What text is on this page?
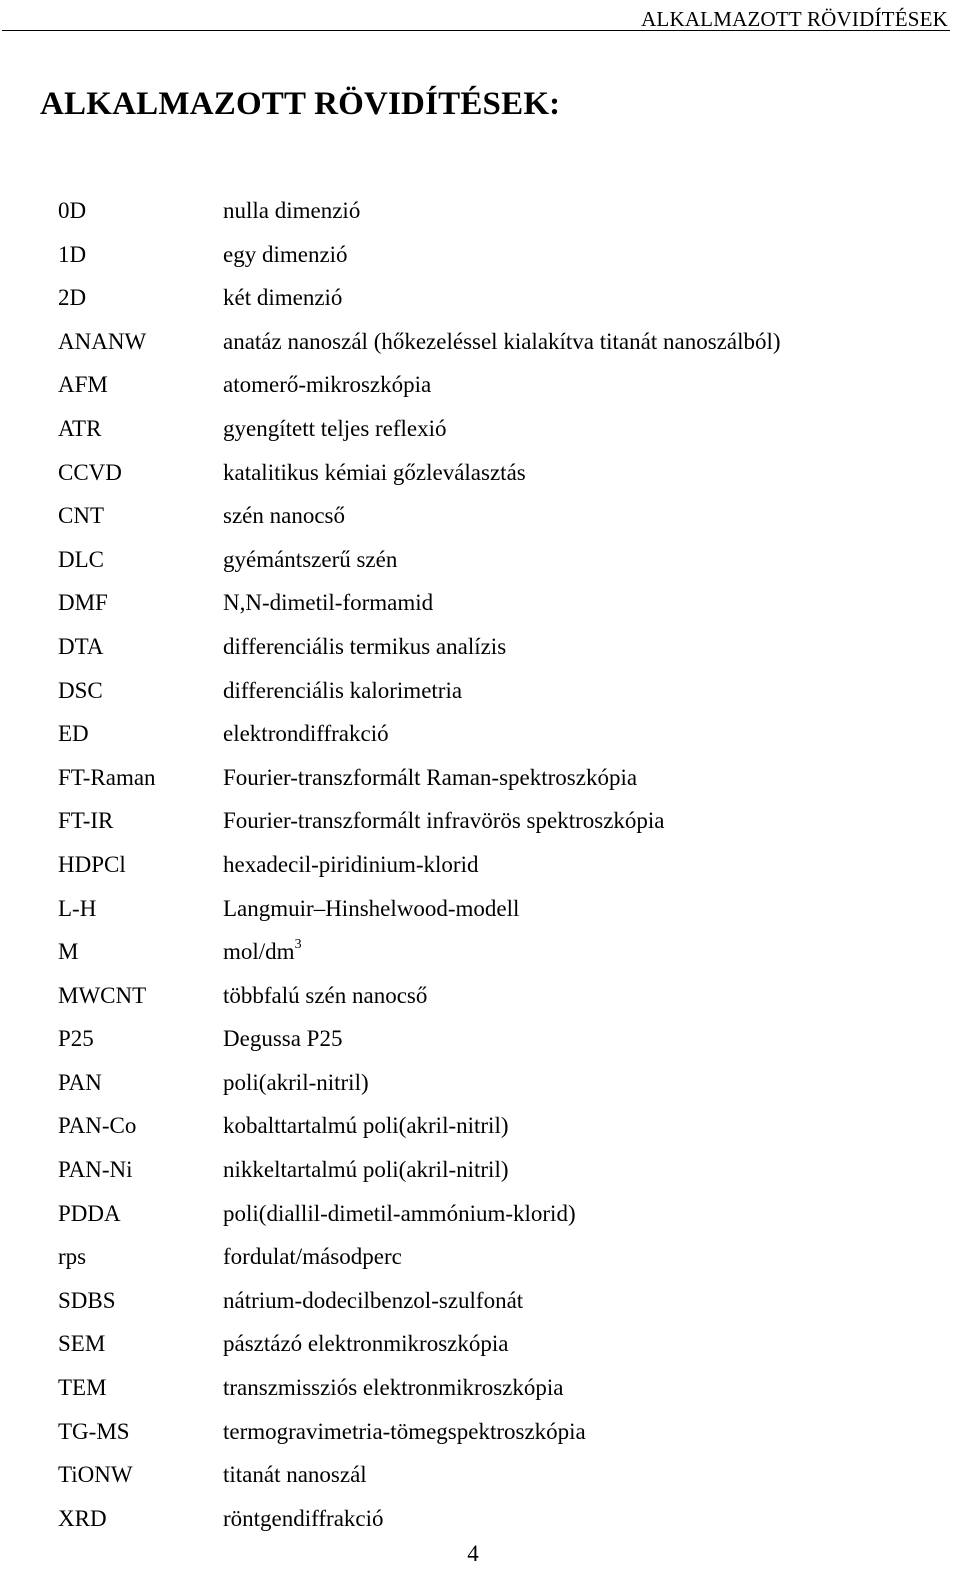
ALKALMAZOTT RÖVIDÍTÉSEK
ALKALMAZOTT RÖVIDÍTÉSEK:
0D	nulla dimenzió
1D	egy dimenzió
2D	két dimenzió
ANANW	anatáz nanoszál (hőkezeléssel kialakítva titanát nanoszálból)
AFM	atomerő-mikroszkópia
ATR	gyengített teljes reflexió
CCVD	katalitikus kémiai gőzleválasztás
CNT	szén nanocső
DLC	gyémántszerű szén
DMF	N,N-dimetil-formamid
DTA	differenciális termikus analízis
DSC	differenciális kalorimetria
ED	elektrondiffrakció
FT-Raman	Fourier-transzformált Raman-spektroszkópia
FT-IR	Fourier-transzformált infravörös spektroszkópia
HDPCl	hexadecil-piridinium-klorid
L-H	Langmuir–Hinshelwood-modell
M	mol/$dm^3$
MWCNT	többfalú szén nanocső
P25	Degussa P25
PAN	poli(akril-nitril)
PAN-Co	kobalttartalmú poli(akril-nitril)
PAN-Ni	nikkeltartalmú poli(akril-nitril)
PDDA	poli(diallil-dimetil-ammónium-klorid)
rps	fordulat/másodperc
SDBS	nátrium-dodecilbenzol-szulfonát
SEM	pásztázó elektronmikroszkópia
TEM	transzmissziós elektronmikroszkópia
TG-MS	termogravimetria-tömegspektroszkópia
TiONW	titanát nanoszál
XRD	röntgendiffrakció
4
